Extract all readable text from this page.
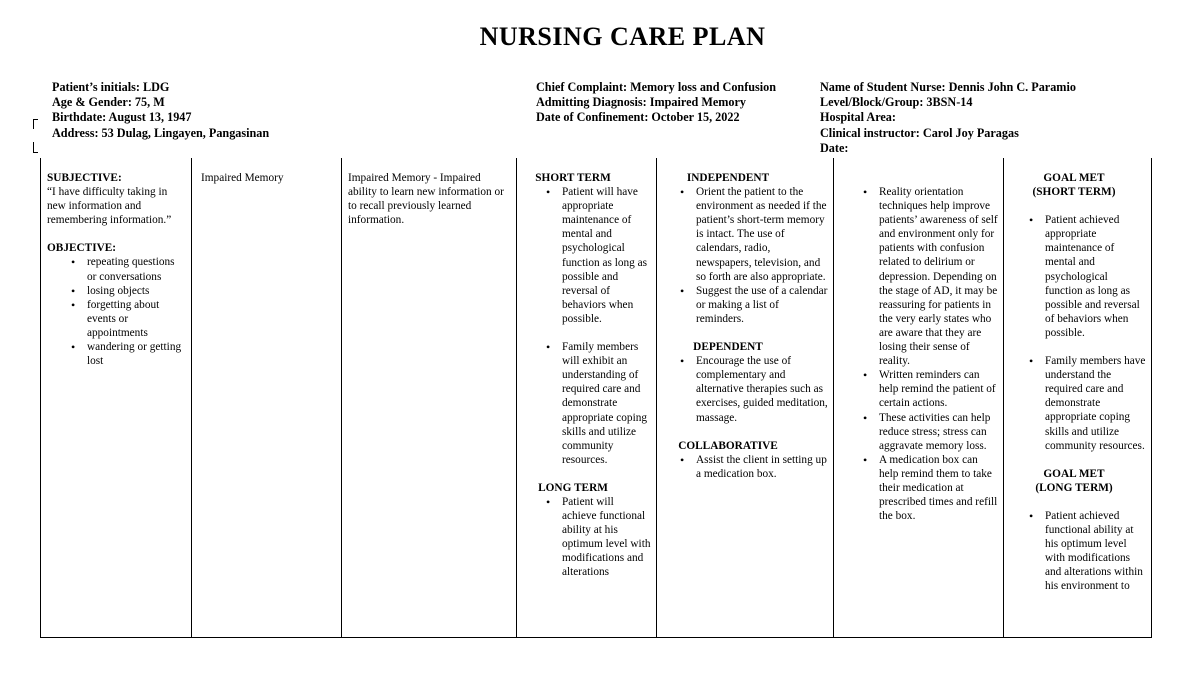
NURSING CARE PLAN
Patient’s initials: LDG
Age & Gender: 75, M
Birthdate: August 13, 1947
Address: 53 Dulag, Lingayen, Pangasinan
Chief Complaint: Memory loss and Confusion
Admitting Diagnosis: Impaired Memory
Date of Confinement: October 15, 2022
Name of Student Nurse: Dennis John C. Paramio
Level/Block/Group: 3BSN-14
Hospital Area:
Clinical instructor: Carol Joy Paragas
Date:

SUBJECTIVE:

“I have difficulty taking in new information and remembering information.”

OBJECTIVE:

• repeating questions or conversations
• losing objects
• forgetting about events or appointments
• wandering or getting lost

Impaired Memory	Impaired Memory - Impaired ability to learn new information or to recall previously learned information.

SHORT TERM

• Patient will have appropriate maintenance of mental and psychological function as long as possible and reversal of behaviors when possible.
• Family members will exhibit an understanding of required care and demonstrate appropriate coping skills and utilize community resources.

LONG TERM

• Patient will achieve functional ability at his optimum level with modifications and alterations

INDEPENDENT

• Orient the patient to the environment as needed if the patient’s short-term memory is intact. The use of calendars, radio, newspapers, television, and so forth are also appropriate.
• Suggest the use of a calendar or making a list of reminders.

DEPENDENT

• Encourage the use of complementary and alternative therapies such as exercises, guided meditation, massage.

COLLABORATIVE

• Assist the client in setting up a medication box.
• Reality orientation techniques help improve patients’ awareness of self and environment only for patients with confusion related to delirium or depression. Depending on the stage of AD, it may be reassuring for patients in the very early states who are aware that they are losing their sense of reality.
• Written reminders can help remind the patient of certain actions.
• These activities can help reduce stress; stress can aggravate memory loss.
• A medication box can help remind them to take their medication at prescribed times and refill the box.

GOAL MET

(SHORT TERM)

• Patient achieved appropriate maintenance of mental and psychological function as long as possible and reversal of behaviors when possible.
• Family members have understand the required care and demonstrate appropriate coping skills and utilize community resources.

GOAL MET

(LONG TERM)

• Patient achieved functional ability at his optimum level with modifications and alterations within his environment to
